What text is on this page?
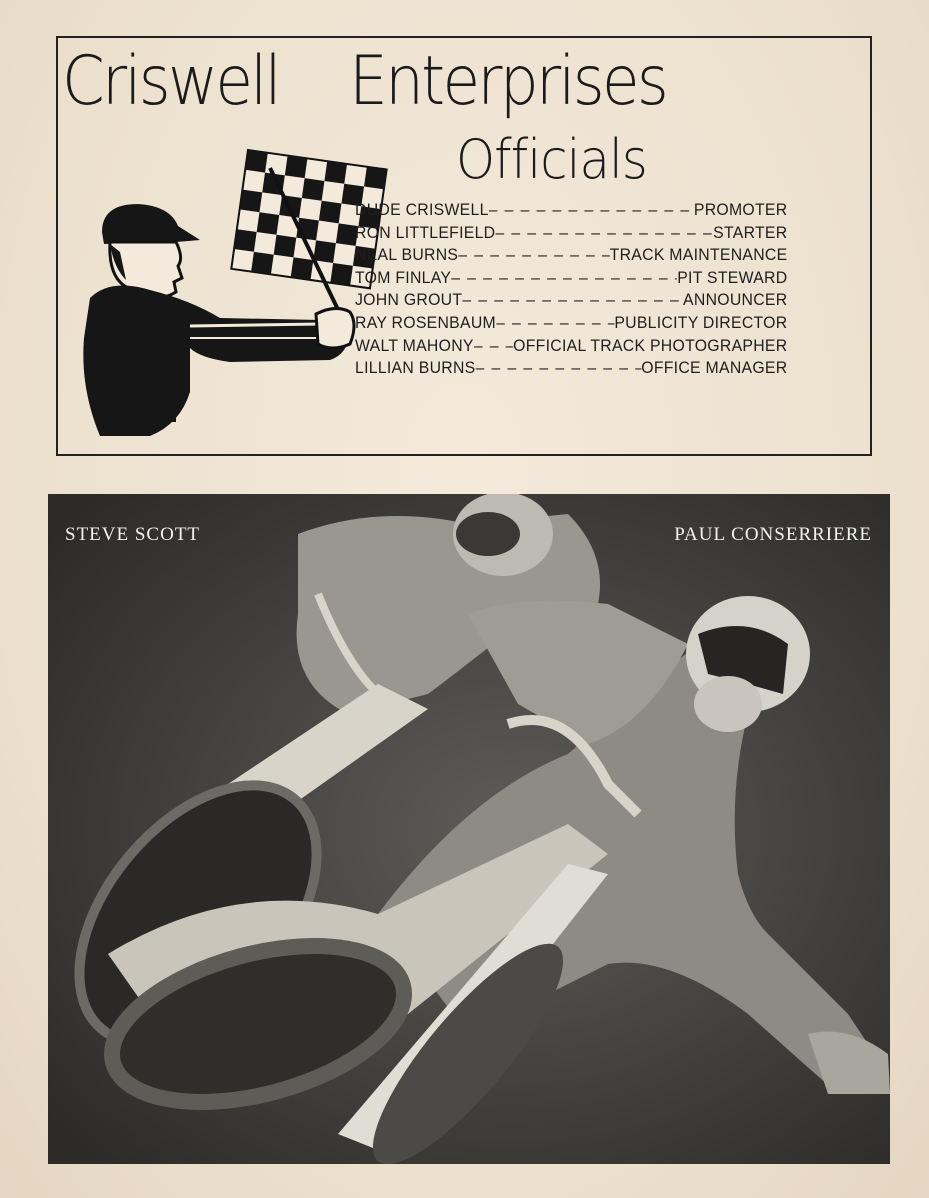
Criswell Enterprises
Officials
DUDE CRISWELL – – –	PROMOTER
RON LITTLEFIELD – – –	STARTER
NEAL BURNS – – –	TRACK MAINTENANCE
TOM FINLAY – – –	PIT STEWARD
JOHN GROUT – – –	ANNOUNCER
RAY ROSENBAUM – – –	PUBLICITY DIRECTOR
WALT MAHONY – – – OFFICIAL TRACK PHOTOGRAPHER
LILLIAN BURNS – – –	OFFICE MANAGER

STEVE SCOTT	PAUL CONSERRIERE
